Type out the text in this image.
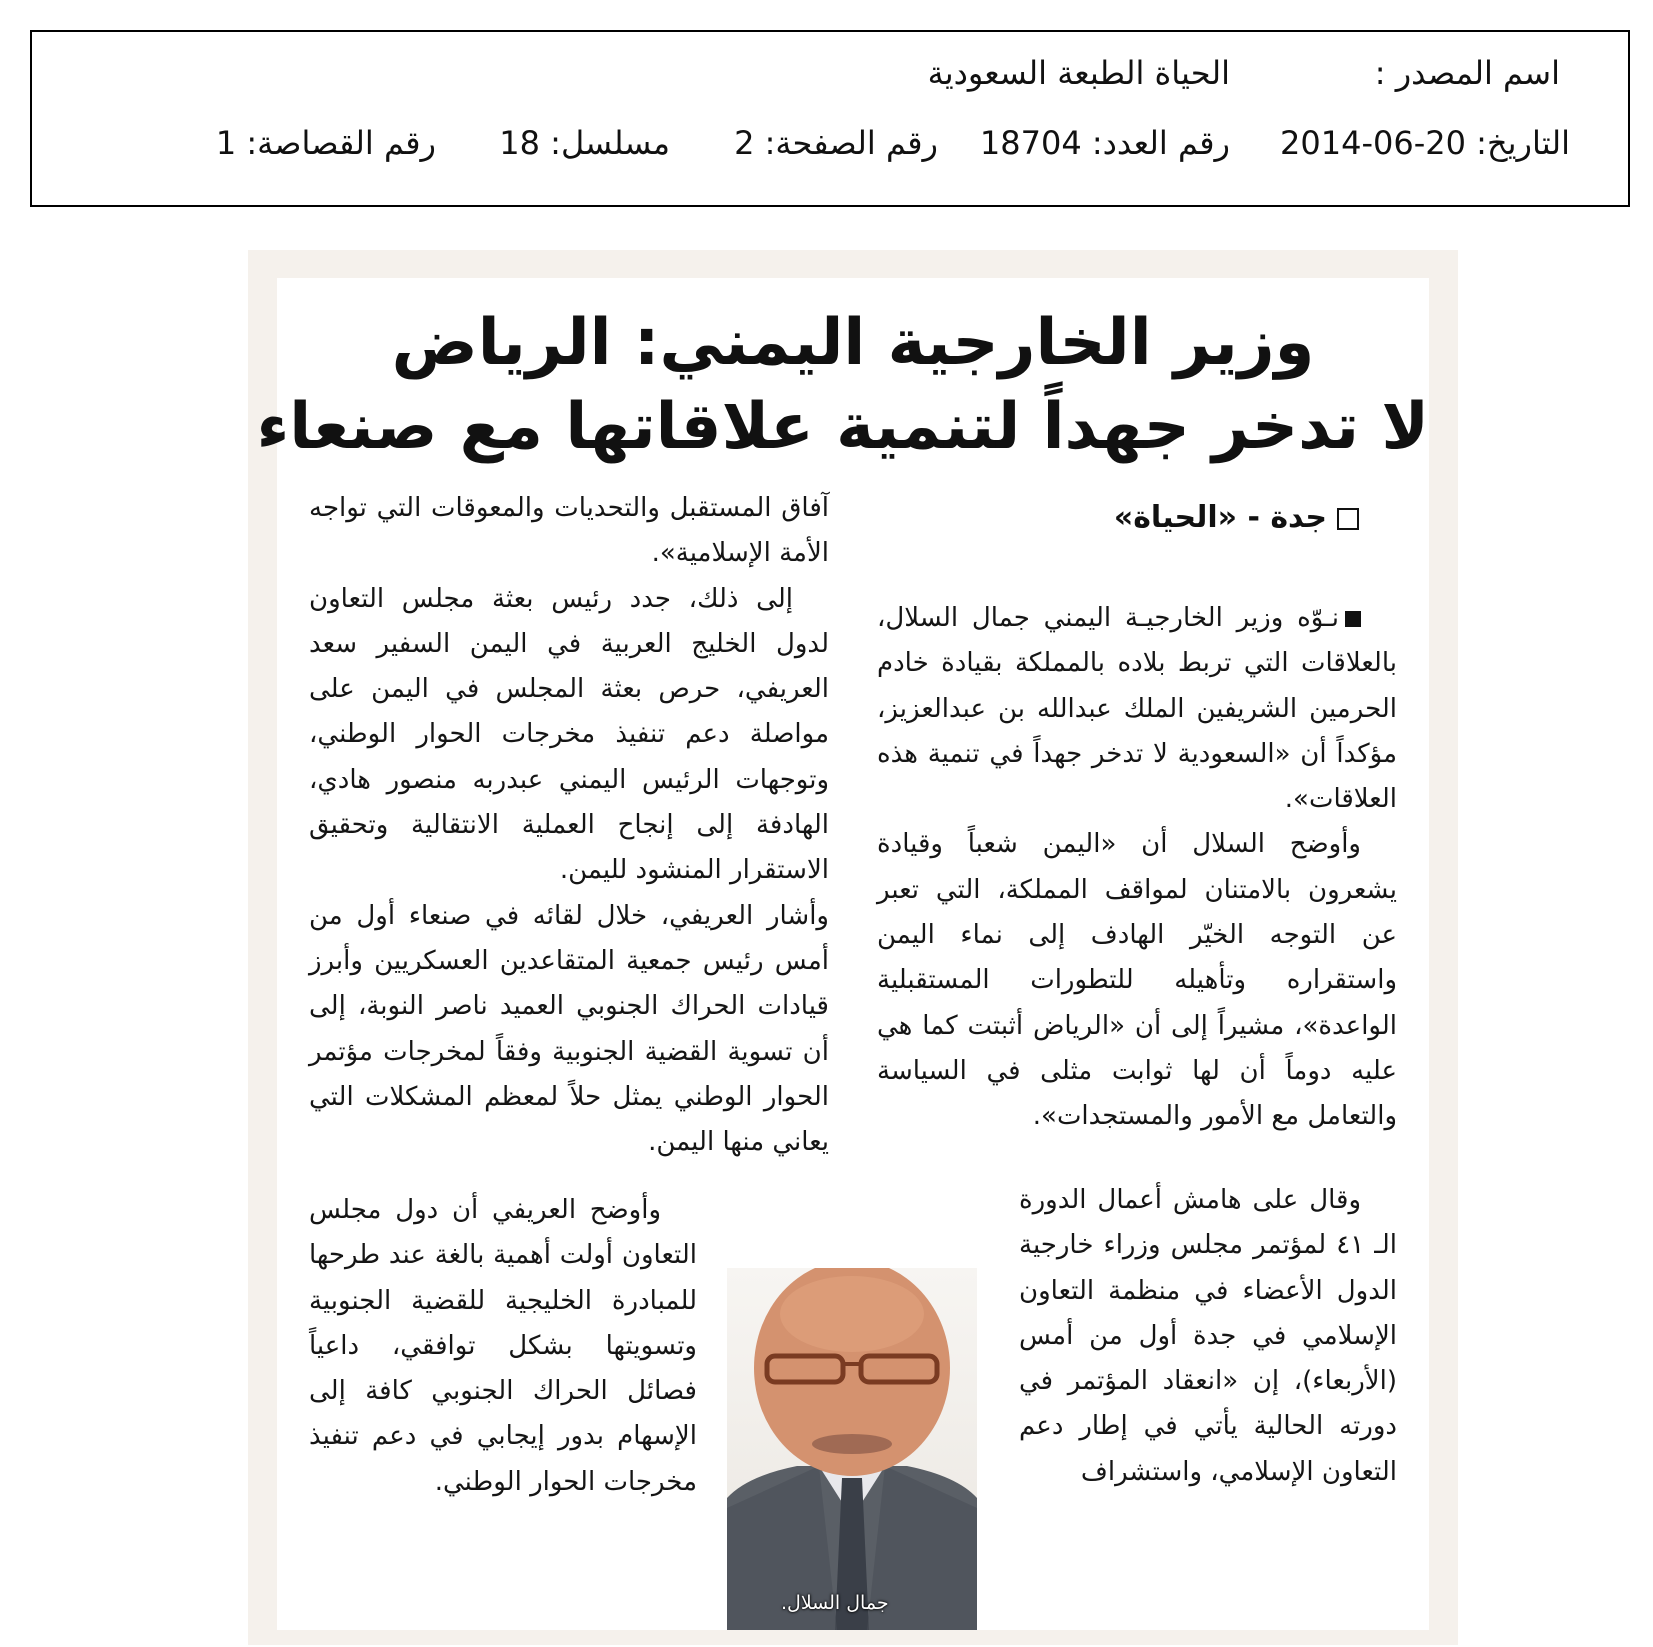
اسم المصدر :
الحياة الطبعة السعودية
التاريخ: 20-06-2014
رقم العدد: 18704
رقم الصفحة: 2
مسلسل: 18
رقم القصاصة: 1
وزير الخارجية اليمني: الرياض
لا تدخر جهداً لتنمية علاقاتها مع صنعاء
جدة - «الحياة»

نـوّه وزير الخارجيـة اليمني جمال السلال، بالعلاقات التي تربط بلاده بالمملكة بقيادة خادم الحرمين الشريفين الملك عبدالله بن عبدالعزيز، مؤكداً أن «السعودية لا تدخر جهداً في تنمية هذه العلاقات».

وأوضح السلال أن «اليمن شعباً وقيادة يشعرون بالامتنان لمواقف المملكة، التي تعبر عن التوجه الخيّر الهادف إلى نماء اليمن واستقراره وتأهيله للتطورات المستقبلية الواعدة»، مشيراً إلى أن «الرياض أثبتت كما هي عليه دوماً أن لها ثوابت مثلى في السياسة والتعامل مع الأمور والمستجدات».

وقال على هامش أعمال الدورة الـ ٤١ لمؤتمر مجلس وزراء خارجية الدول الأعضاء في منظمة التعاون الإسلامي في جدة أول من أمس (الأربعاء)، إن «انعقاد المؤتمر في دورته الحالية يأتي في إطار دعم التعاون الإسلامي، واستشراف

آفاق المستقبل والتحديات والمعوقات التي تواجه الأمة الإسلامية».

إلى ذلك، جدد رئيس بعثة مجلس التعاون لدول الخليج العربية في اليمن السفير سعد العريفي، حرص بعثة المجلس في اليمن على مواصلة دعم تنفيذ مخرجات الحوار الوطني، وتوجهات الرئيس اليمني عبدربه منصور هادي، الهادفة إلى إنجاح العملية الانتقالية وتحقيق الاستقرار المنشود لليمن.

وأشار العريفي، خلال لقائه في صنعاء أول من أمس رئيس جمعية المتقاعدين العسكريين وأبرز قيادات الحراك الجنوبي العميد ناصر النوبة، إلى أن تسوية القضية الجنوبية وفقاً لمخرجات مؤتمر الحوار الوطني يمثل حلاً لمعظم المشكلات التي يعاني منها اليمن.

وأوضح العريفي أن دول مجلس التعاون أولت أهمية بالغة عند طرحها للمبادرة الخليجية للقضية الجنوبية وتسويتها بشكل توافقي، داعياً فصائل الحراك الجنوبي كافة إلى الإسهام بدور إيجابي في دعم تنفيذ مخرجات الحوار الوطني.

جمال السلال.
